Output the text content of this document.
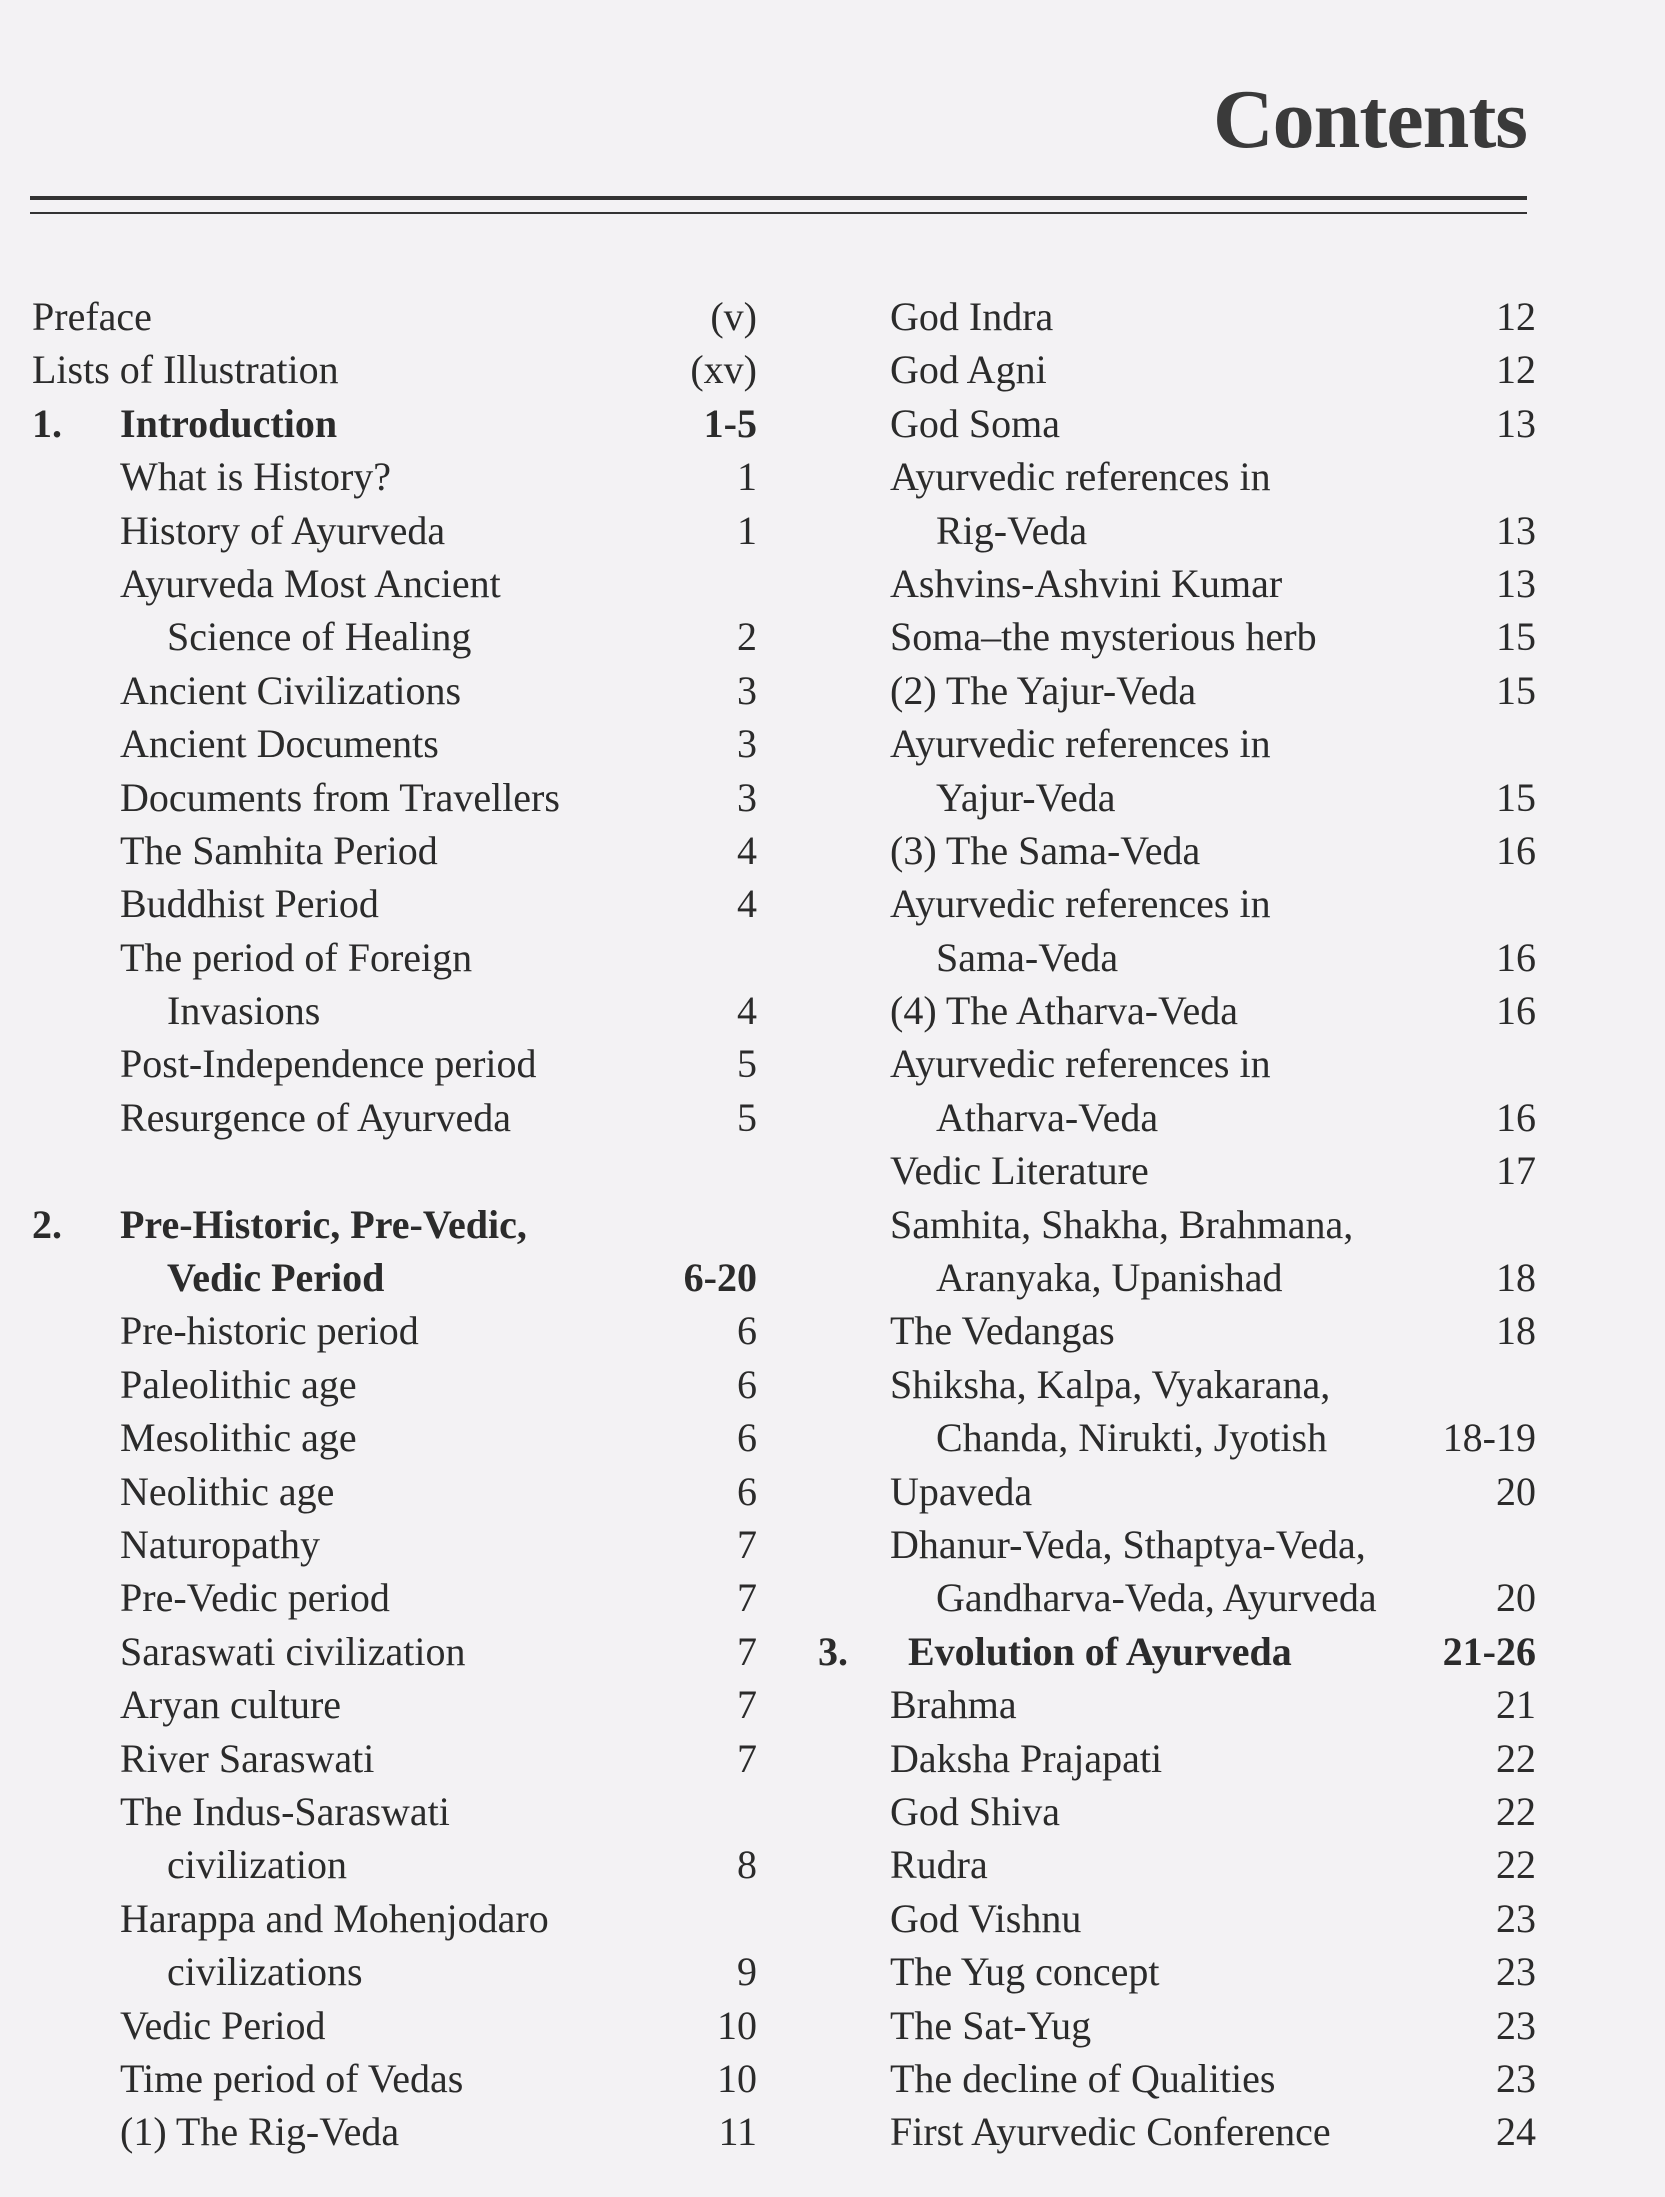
Contents
Preface	(v)
Lists of Illustration	(xv)
1. Introduction	1-5
What is History?	1
History of Ayurveda	1
Ayurveda Most Ancient
Science of Healing	2
Ancient Civilizations	3
Ancient Documents	3
Documents from Travellers	3
The Samhita Period	4
Buddhist Period	4
The period of Foreign
Invasions	4
Post-Independence period	5
Resurgence of Ayurveda	5
2. Pre-Historic, Pre-Vedic,
Vedic Period	6-20
Pre-historic period	6
Paleolithic age	6
Mesolithic age	6
Neolithic age	6
Naturopathy	7
Pre-Vedic period	7
Saraswati civilization	7
Aryan culture	7
River Saraswati	7
The Indus-Saraswati
civilization	8
Harappa and Mohenjodaro
civilizations	9
Vedic Period	10
Time period of Vedas	10
(1) The Rig-Veda	11
God Indra	12
God Agni	12
God Soma	13
Ayurvedic references in
Rig-Veda	13
Ashvins-Ashvini Kumar	13
Soma–the mysterious herb	15
(2) The Yajur-Veda	15
Ayurvedic references in
Yajur-Veda	15
(3) The Sama-Veda	16
Ayurvedic references in
Sama-Veda	16
(4) The Atharva-Veda	16
Ayurvedic references in
Atharva-Veda	16
Vedic Literature	17
Samhita, Shakha, Brahmana,
Aranyaka, Upanishad	18
The Vedangas	18
Shiksha, Kalpa, Vyakarana,
Chanda, Nirukti, Jyotish	18-19
Upaveda	20
Dhanur-Veda, Sthaptya-Veda,
Gandharva-Veda, Ayurveda	20
3. Evolution of Ayurveda	21-26
Brahma	21
Daksha Prajapati	22
God Shiva	22
Rudra	22
God Vishnu	23
The Yug concept	23
The Sat-Yug	23
The decline of Qualities	23
First Ayurvedic Conference	24
